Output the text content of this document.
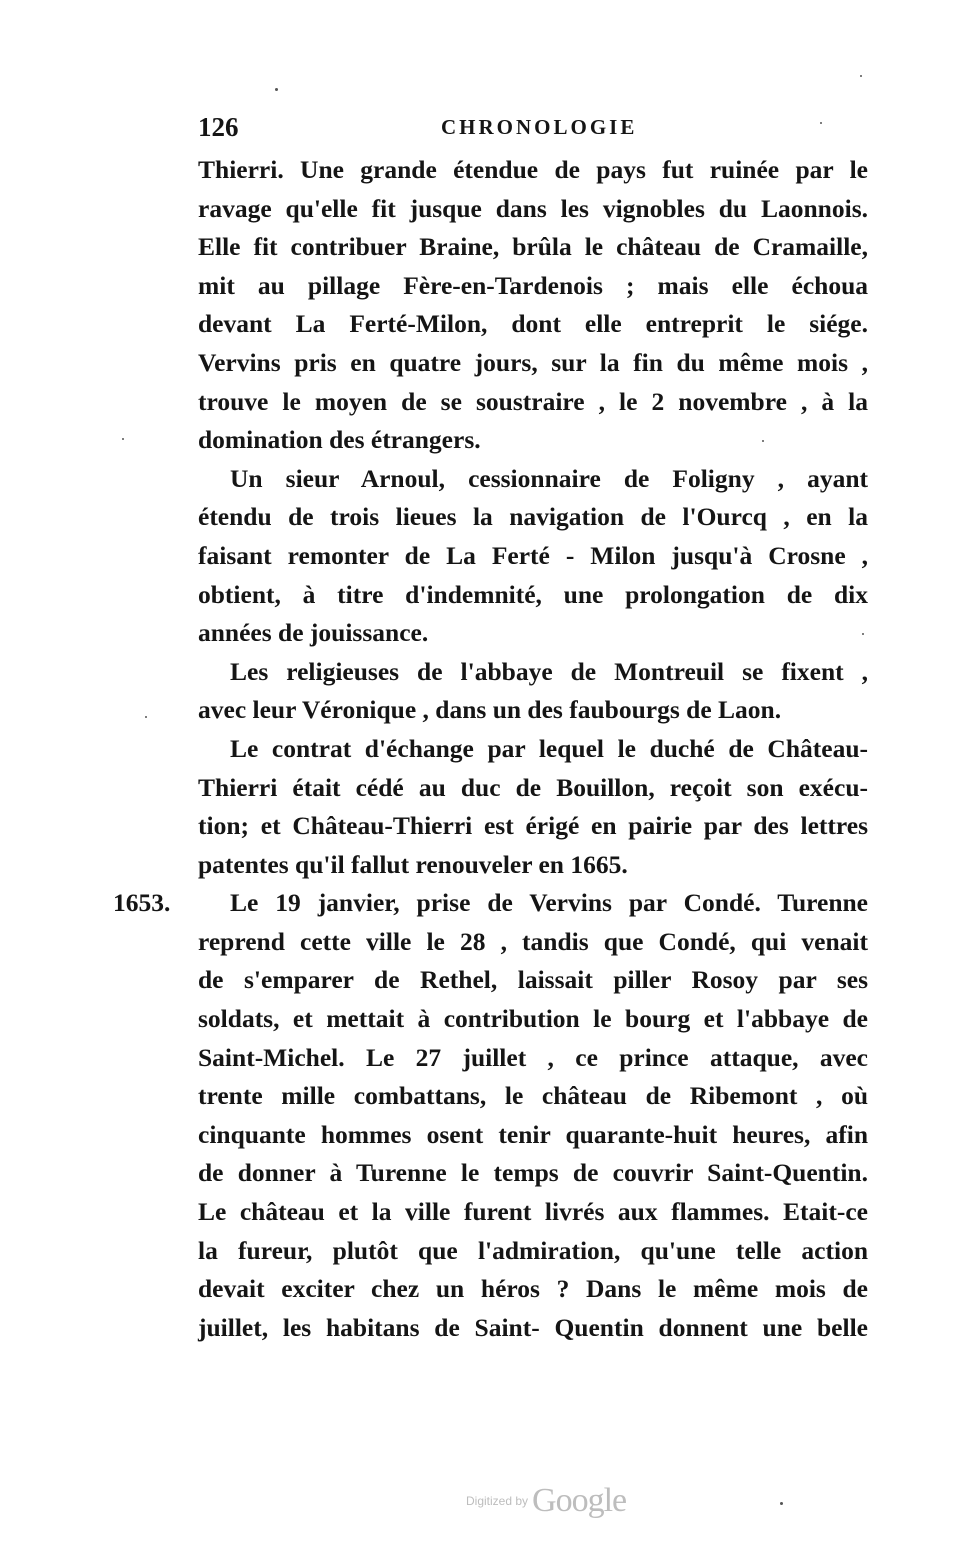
126	CHRONOLOGIE
1653.
Thierri. Une grande étendue de pays fut ruinée par le
ravage qu'elle fit jusque dans les vignobles du Laonnois.
Elle fit contribuer Braine, brûla le château de Cramaille,
mit au pillage Fère-en-Tardenois ; mais elle échoua
devant La Ferté-Milon, dont elle entreprit le siége.
Vervins pris en quatre jours, sur la fin du même mois ,
trouve le moyen de se soustraire , le 2 novembre , à la
domination des étrangers.
Un sieur Arnoul, cessionnaire de Foligny , ayant
étendu de trois lieues la navigation de l'Ourcq , en la
faisant remonter de La Ferté - Milon jusqu'à Crosne ,
obtient, à titre d'indemnité, une prolongation de dix
années de jouissance.
Les religieuses de l'abbaye de Montreuil se fixent ,
avec leur Véronique , dans un des faubourgs de Laon.
Le contrat d'échange par lequel le duché de Château-
Thierri était cédé au duc de Bouillon, reçoit son exécu-
tion; et Château-Thierri est érigé en pairie par des lettres
patentes qu'il fallut renouveler en 1665.
Le 19 janvier, prise de Vervins par Condé. Turenne
reprend cette ville le 28 , tandis que Condé, qui venait
de s'emparer de Rethel, laissait piller Rosoy par ses
soldats, et mettait à contribution le bourg et l'abbaye de
Saint-Michel. Le 27 juillet , ce prince attaque, avec
trente mille combattans, le château de Ribemont , où
cinquante hommes osent tenir quarante-huit heures, afin
de donner à Turenne le temps de couvrir Saint-Quentin.
Le château et la ville furent livrés aux flammes. Etait-ce
la fureur, plutôt que l'admiration, qu'une telle action
devait exciter chez un héros ? Dans le même mois de
juillet, les habitans de Saint- Quentin donnent une belle
Digitized by Google
